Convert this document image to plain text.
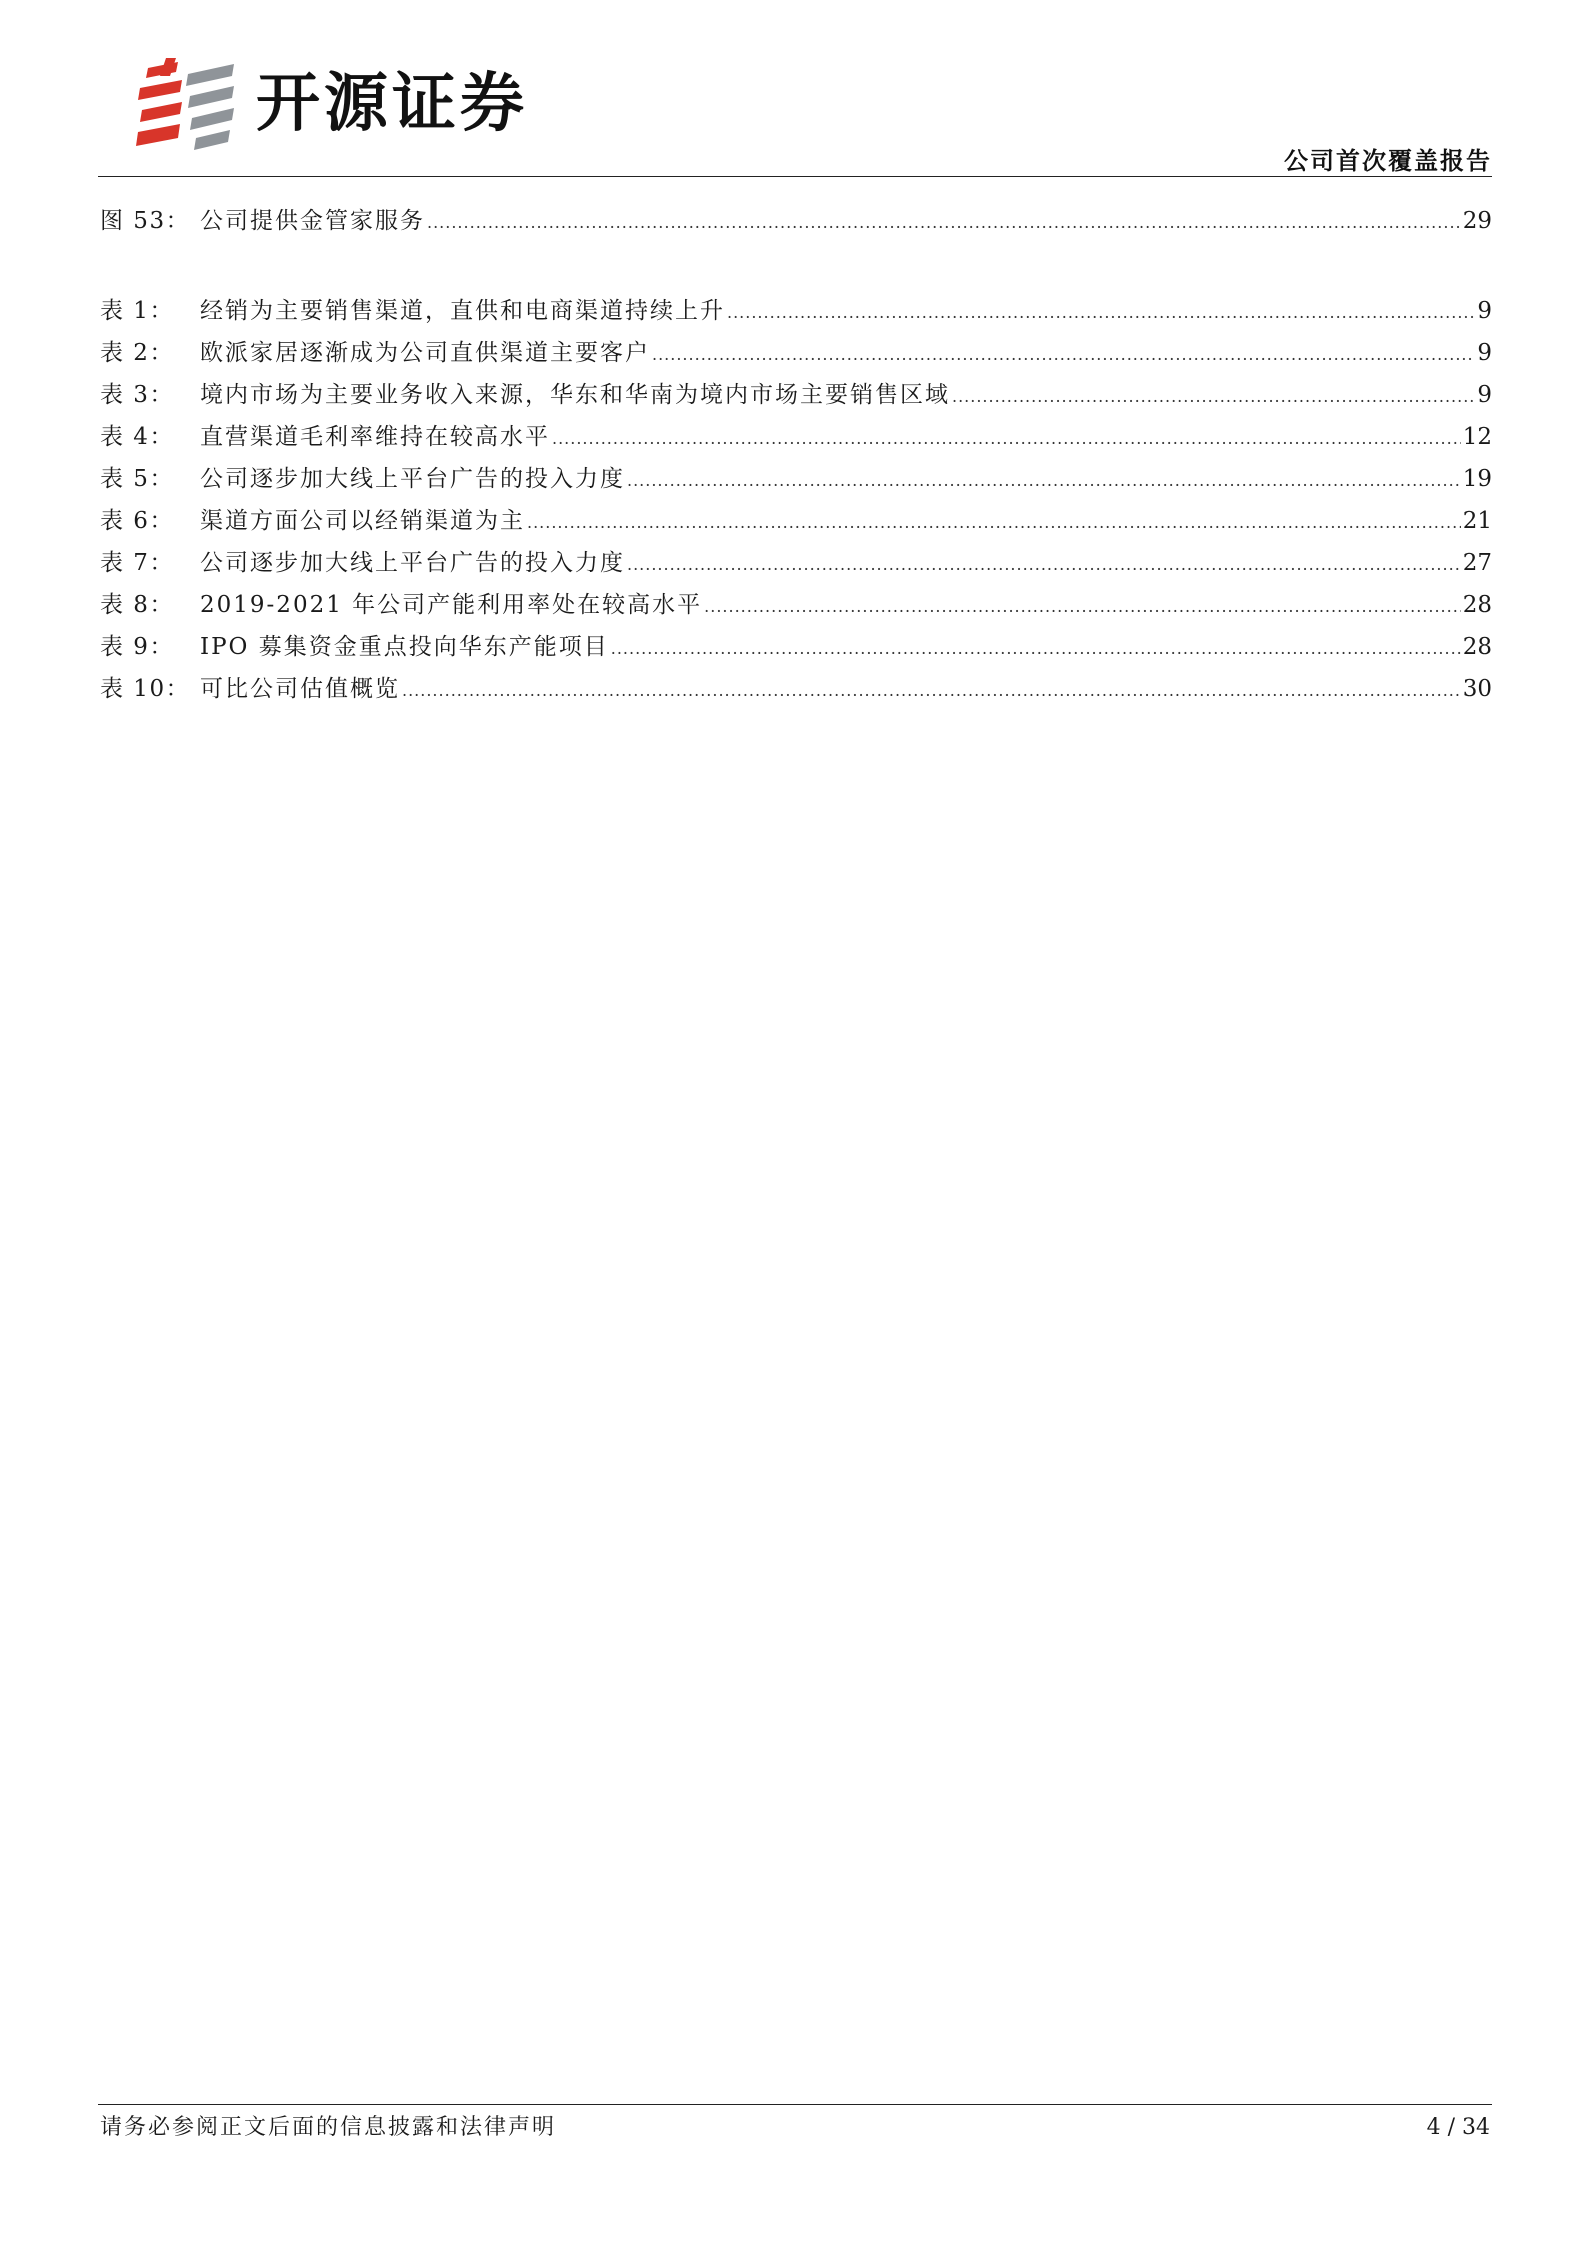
开源证券
公司首次覆盖报告
图 53： 公司提供金管家服务 .....	29
表 1：	经销为主要销售渠道，直供和电商渠道持续上升 .....	9
表 2：	欧派家居逐渐成为公司直供渠道主要客户 .....	9
表 3：	境内市场为主要业务收入来源，华东和华南为境内市场主要销售区域 .....	9
表 4：	直营渠道毛利率维持在较高水平 .....	12
表 5：	公司逐步加大线上平台广告的投入力度 .....	19
表 6：	渠道方面公司以经销渠道为主 .....	21
表 7：	公司逐步加大线上平台广告的投入力度 .....	27
表 8：	2019-2021 年公司产能利用率处在较高水平 .....	28
表 9：	IPO 募集资金重点投向华东产能项目 .....	28
表 10： 可比公司估值概览 .....	30
请务必参阅正文后面的信息披露和法律声明	4 / 34
